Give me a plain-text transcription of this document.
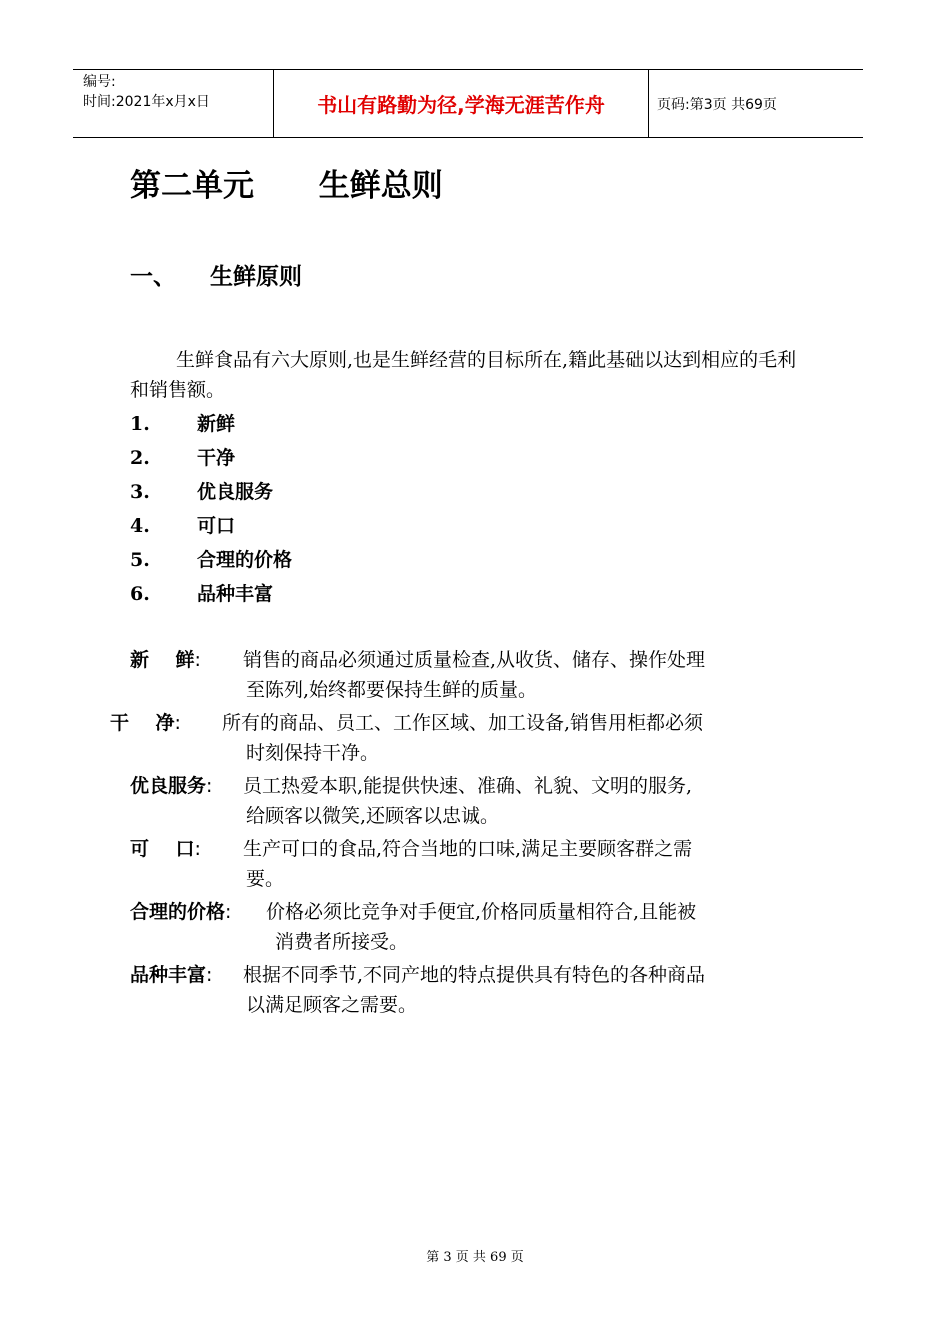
编号:
时间:2021年x月x日	书山有路勤为径,学海无涯苦作舟	页码:第3页 共69页
第二单元      生鲜总则
一、	生鲜原则

生鲜食品有六大原则,也是生鲜经营的目标所在,籍此基础以达到相应的毛利和销售额。

1.	新鲜
2.	干净
3.	优良服务
4.	可口
5.	合理的价格
6.	品种丰富
新    鲜: 销售的商品必须通过质量检查,从收货、储存、操作处理
至陈列,始终都要保持生鲜的质量。
干    净: 所有的商品、员工、工作区域、加工设备,销售用柜都必须
时刻保持干净。
优良服务: 员工热爱本职,能提供快速、准确、礼貌、文明的服务,
给顾客以微笑,还顾客以忠诚。
可    口: 生产可口的食品,符合当地的口味,满足主要顾客群之需
要。
合理的价格: 价格必须比竞争对手便宜,价格同质量相符合,且能被
消费者所接受。
品种丰富: 根据不同季节,不同产地的特点提供具有特色的各种商品
以满足顾客之需要。
第 3 页 共 69 页
